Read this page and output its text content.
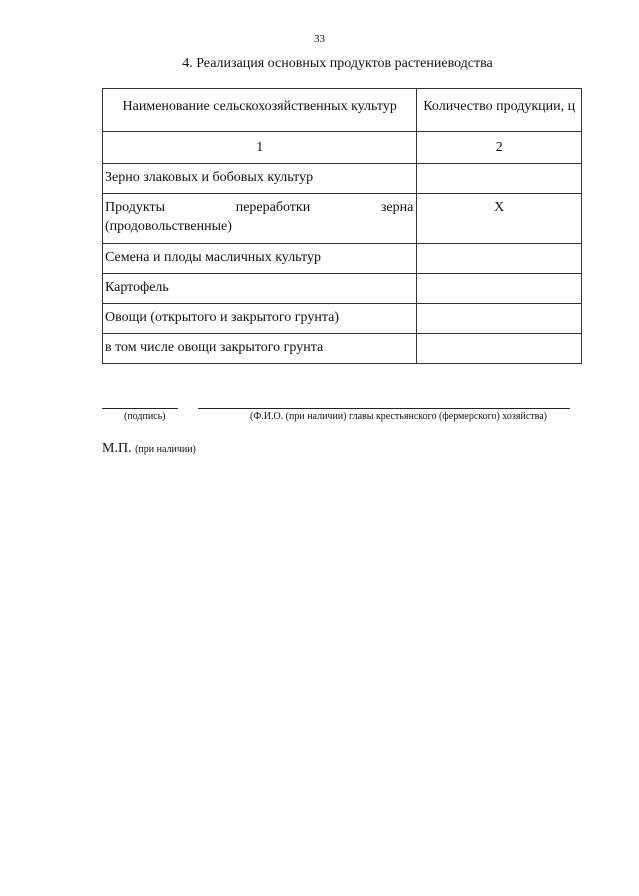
33
4. Реализация основных продуктов растениеводства
Наименование сельскохозяйственных культур	Количество продукции, ц
1	2
Зерно злаковых и бобовых культур	

Продукты переработки зерна
(продовольственные)	Х
Семена и плоды масличных культур	
Картофель	
Овощи (открытого и закрытого грунта)	
в том числе овощи закрытого грунта	
(подпись)	(Ф.И.О. (при наличии) главы крестьянского (фермерского) хозяйства)
М.П. (при наличии)
